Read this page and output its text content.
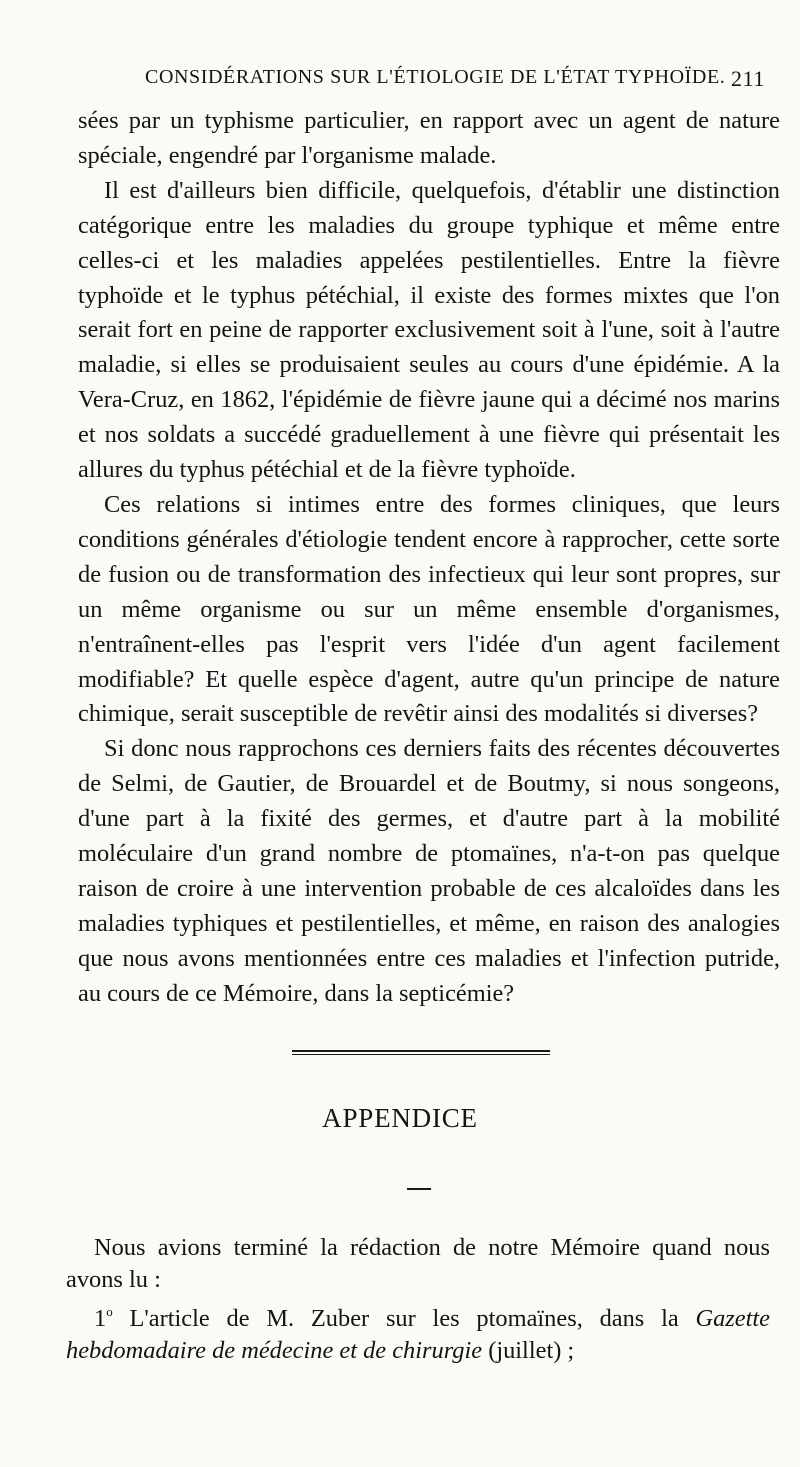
CONSIDÉRATIONS SUR L'ÉTIOLOGIE DE L'ÉTAT TYPHOÏDE. 211

sées par un typhisme particulier, en rapport avec un agent de nature spéciale, engendré par l'organisme malade.

Il est d'ailleurs bien difficile, quelquefois, d'établir une distinction catégorique entre les maladies du groupe typhique et même entre celles-ci et les maladies appelées pestilentielles. Entre la fièvre typhoïde et le typhus pétéchial, il existe des formes mixtes que l'on serait fort en peine de rapporter exclusivement soit à l'une, soit à l'autre maladie, si elles se produisaient seules au cours d'une épidémie. A la Vera-Cruz, en 1862, l'épidémie de fièvre jaune qui a décimé nos marins et nos soldats a succédé graduellement à une fièvre qui présentait les allures du typhus pétéchial et de la fièvre typhoïde.

Ces relations si intimes entre des formes cliniques, que leurs conditions générales d'étiologie tendent encore à rapprocher, cette sorte de fusion ou de transformation des infectieux qui leur sont propres, sur un même organisme ou sur un même ensemble d'organismes, n'entraînent-elles pas l'esprit vers l'idée d'un agent facilement modifiable? Et quelle espèce d'agent, autre qu'un principe de nature chimique, serait susceptible de revêtir ainsi des modalités si diverses?

Si donc nous rapprochons ces derniers faits des récentes découvertes de Selmi, de Gautier, de Brouardel et de Boutmy, si nous songeons, d'une part à la fixité des germes, et d'autre part à la mobilité moléculaire d'un grand nombre de ptomaïnes, n'a-t-on pas quelque raison de croire à une intervention probable de ces alcaloïdes dans les maladies typhiques et pestilentielles, et même, en raison des analogies que nous avons mentionnées entre ces maladies et l'infection putride, au cours de ce Mémoire, dans la septicémie?

APPENDICE

Nous avions terminé la rédaction de notre Mémoire quand nous avons lu :

1$^o$ L'article de M. Zuber sur les ptomaïnes, dans la Gazette hebdomadaire de médecine et de chirurgie (juillet) ;
